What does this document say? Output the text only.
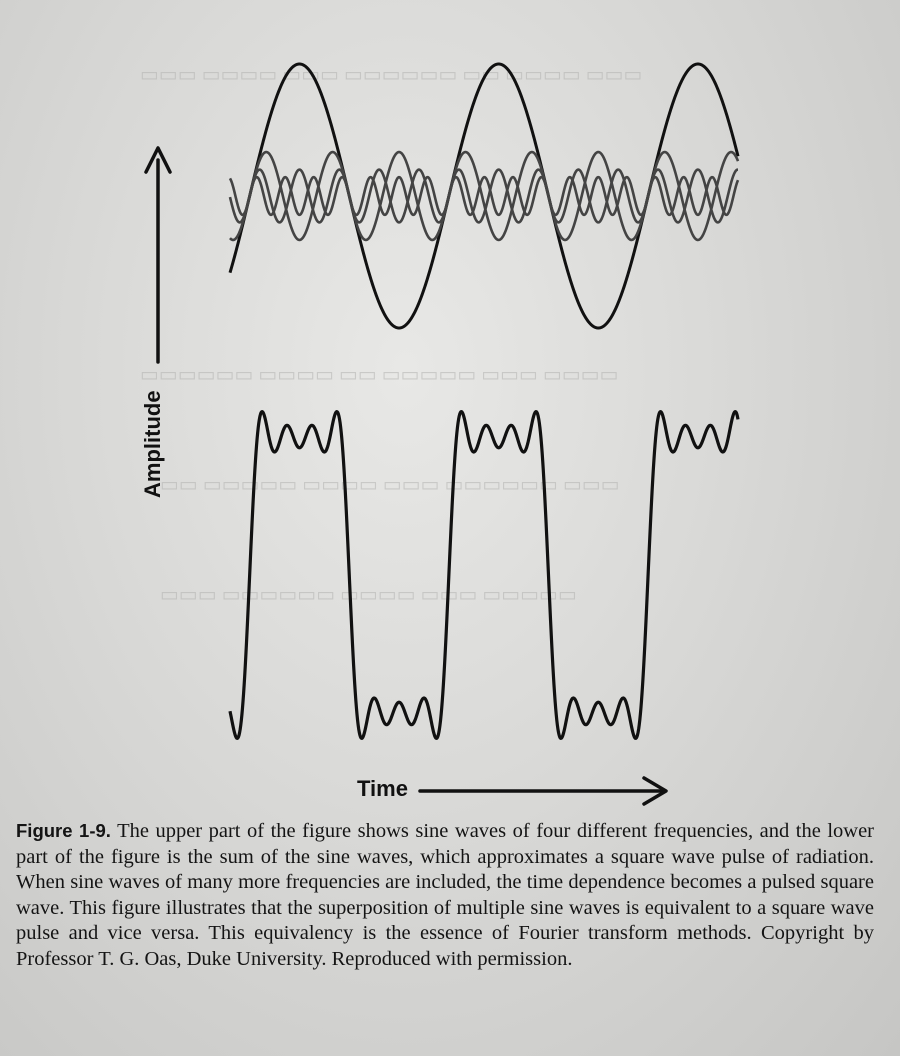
▭▭▭ ▭▭▭▭ ▭▭ ▭▭▭▭▭▭ ▭▭▭ ▭▭▭▭ ▭▭▭
▭▭▭▭ ▭▭▭ ▭▭▭▭▭ ▭▭ ▭▭▭▭ ▭▭▭▭▭▭
▭▭▭ ▭▭▭▭▭▭ ▭▭▭ ▭▭▭▭ ▭▭▭▭▭ ▭▭
▭▭▭▭▭ ▭▭▭ ▭▭▭▭ ▭▭▭▭▭▭ ▭▭▭
Amplitude
Time
Figure 1-9. The upper part of the figure shows sine waves of four different frequencies, and the lower part of the figure is the sum of the sine waves, which approximates a square wave pulse of radiation. When sine waves of many more frequencies are included, the time dependence becomes a pulsed square wave. This figure illustrates that the superposition of multiple sine waves is equivalent to a square wave pulse and vice versa. This equivalency is the essence of Fourier transform methods. Copyright by Professor T. G. Oas, Duke University. Reproduced with permission.
